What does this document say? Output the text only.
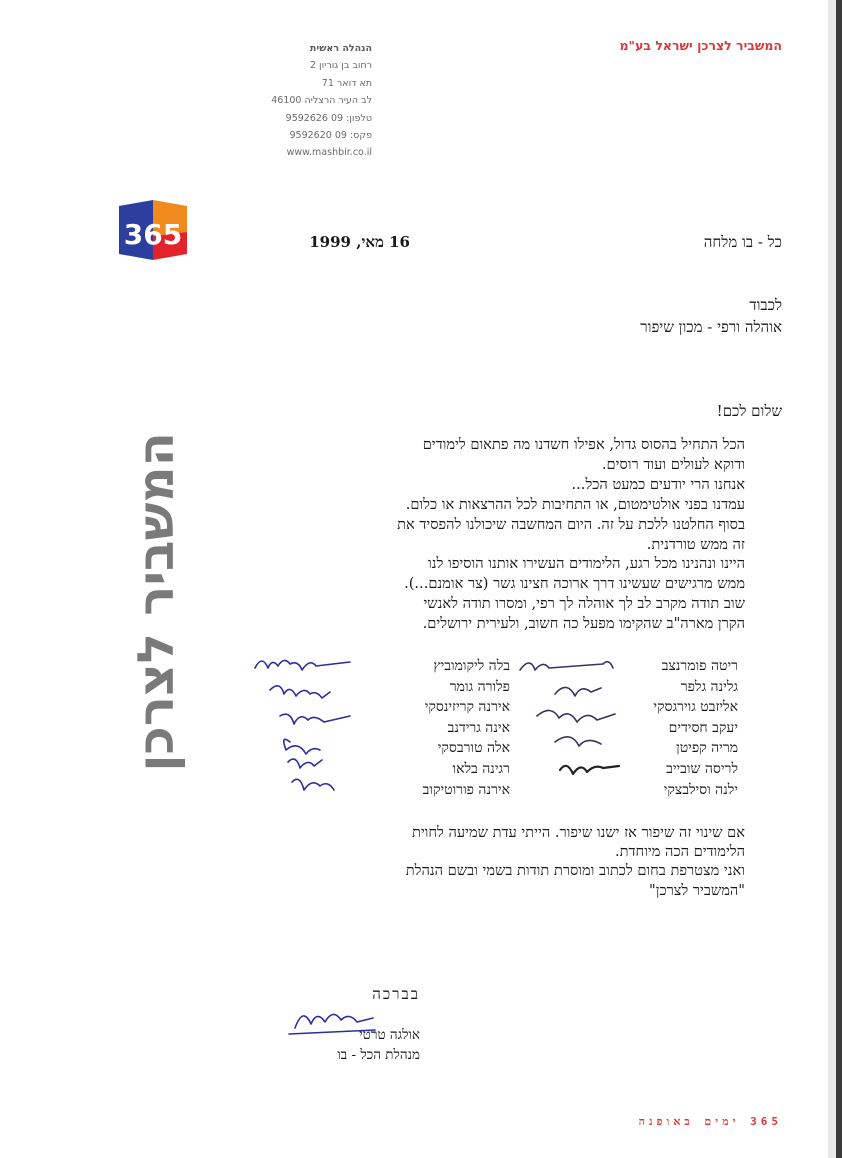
המשביר לצרכן ישראל בע"מ
הנהלה ראשית
רחוב בן גוריון 2
תא דואר 71
לב העיר הרצליה 46100
טלפון: 09 9592626
פקס: 09 9592620
www.mashbir.co.il
המשביר לצרכן
365	16 מאי, 1999	כל - בו מלחה
לכבוד
אוהלה ורפי - מכון שיפור
שלום לכם!
הכל התחיל בהסוס גדול, אפילו חשדנו מה פתאום לימודים
ודוקא לעולים ועוד רוסים.
אנחנו הרי יודעים כמעט הכל...
עמדנו בפני אולטימטום, או התחיבות לכל ההרצאות או כלום.
בסוף החלטנו ללכת על זה. היום המחשבה שיכולנו להפסיד את
זה ממש טורדנית.
היינו ונהנינו מכל רגע, הלימודים העשירו אותנו הוסיפו לנו
ממש מרגישים שעשינו דרך ארוכה חצינו גשר (צר אומנם...).
שוב תודה מקרב לב לך אוהלה לך רפי, ומסרו תודה לאנשי
הקרן מארה"ב שהקימו מפעל כה חשוב, ולעירית ירושלים.
ריטה פומרנצב
גלינה גלפר
אליזבט גוירגסקי
יעקב חסידים
מריה קפיטן
לריסה שובייב
ילנה וסילבצקי
בלה ליקומוביץ
פלורה גומר
אירנה קריזינסקי
אינה גרידנב
אלה טורבסקי
רגינה בלאו
אירנה פורוטיקוב
אם שינוי זה שיפור אז ישנו שיפור. הייתי עדת שמיעה לחוית
הלימודים הכה מיוחדת.
ואני מצטרפת בחום לכתוב ומוסרת תודות בשמי ובשם הנהלת
"המשביר לצרכן"
בברכה
אולגה טרטי
מנהלת הכל - בו
365 ימים באופנה
